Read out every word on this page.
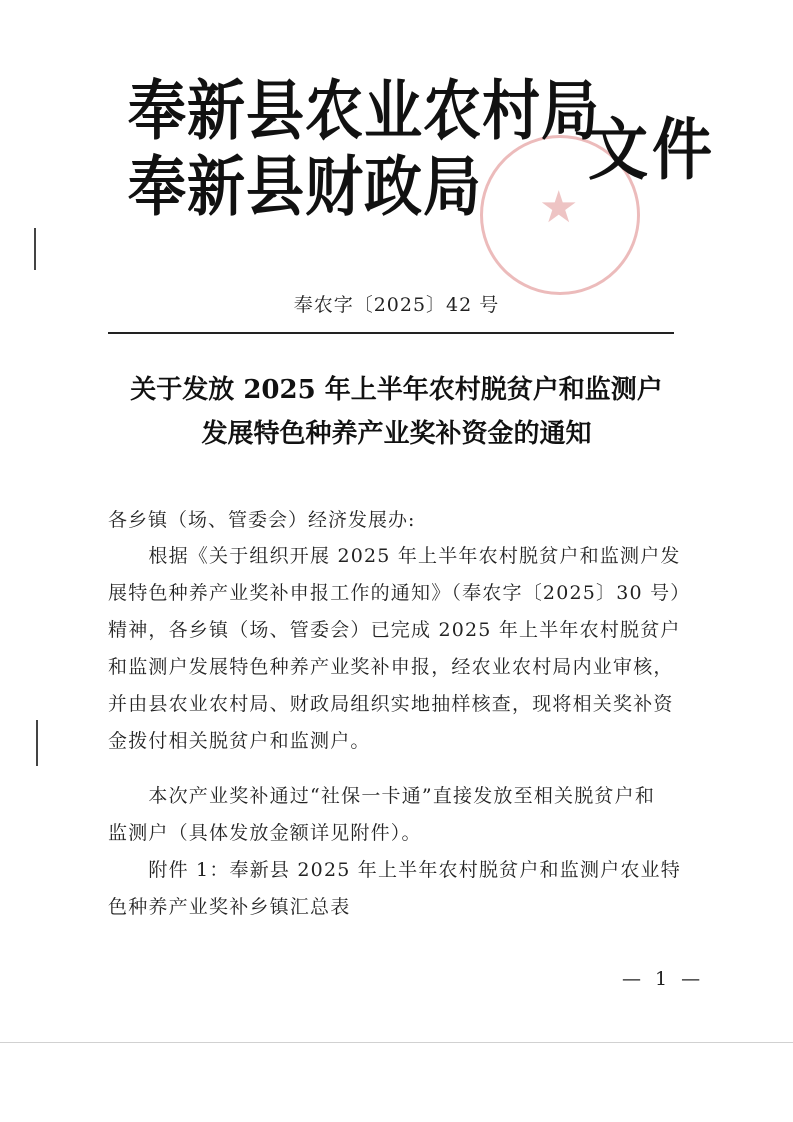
★
奉新县农业农村局
奉新县财政局	文件
奉农字〔2025〕42 号
关于发放 2025 年上半年农村脱贫户和监测户
发展特色种养产业奖补资金的通知
各乡镇（场、管委会）经济发展办:
　　根据《关于组织开展 2025 年上半年农村脱贫户和监测户发
展特色种养产业奖补申报工作的通知》（奉农字〔2025〕30 号）
精神，各乡镇（场、管委会）已完成 2025 年上半年农村脱贫户
和监测户发展特色种养产业奖补申报，经农业农村局内业审核，
并由县农业农村局、财政局组织实地抽样核查，现将相关奖补资
金拨付相关脱贫户和监测户。
　　本次产业奖补通过“社保一卡通”直接发放至相关脱贫户和
监测户（具体发放金额详见附件）。
　　附件 1：奉新县 2025 年上半年农村脱贫户和监测户农业特
色种养产业奖补乡镇汇总表
— 1 —
